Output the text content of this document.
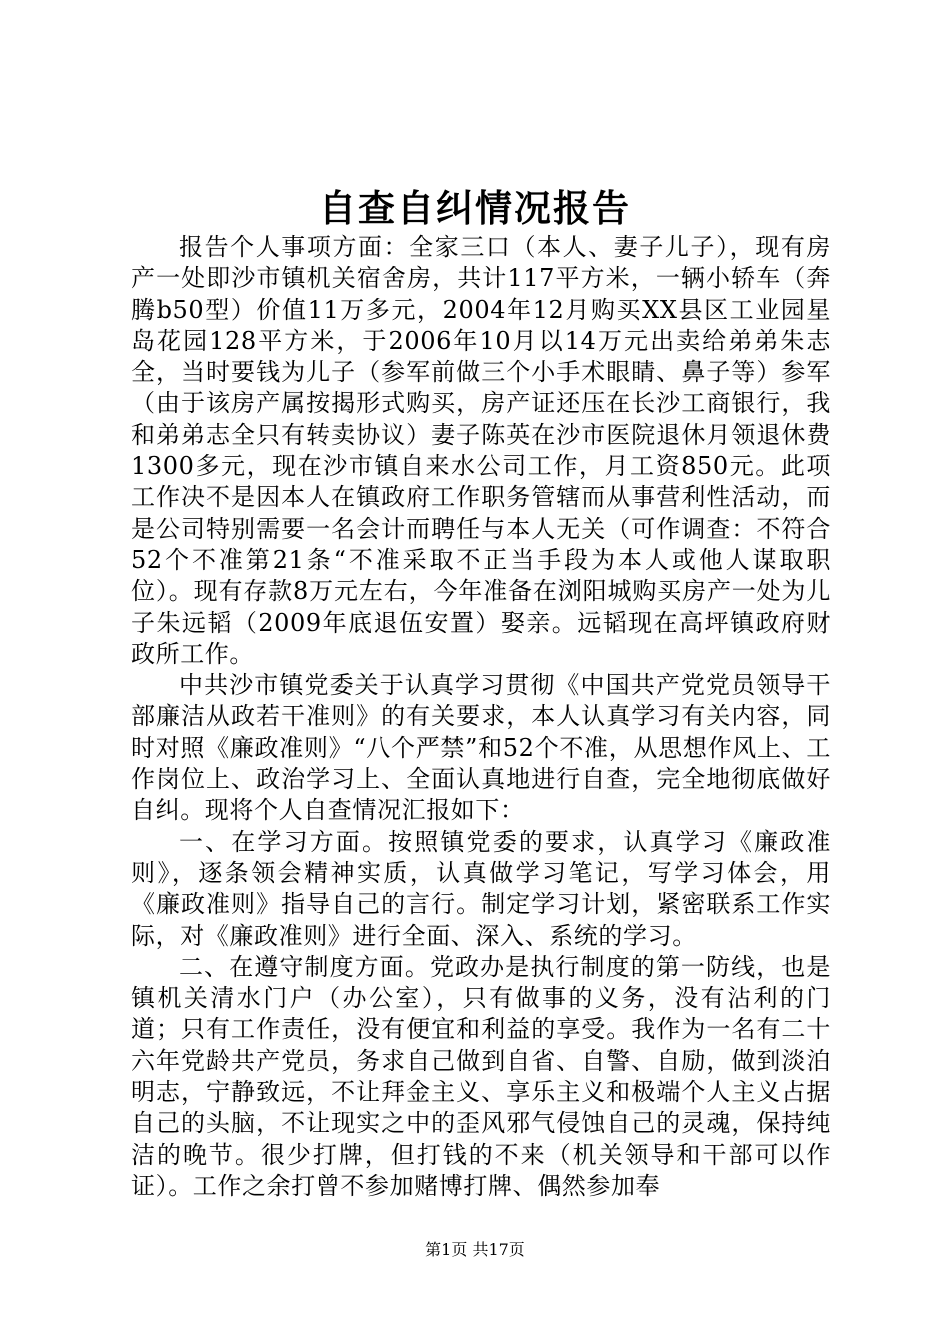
自查自纠情况报告

报告个人事项方面：全家三口（本人、妻子儿子），现有房产一处即沙市镇机关宿舍房，共计117平方米，一辆小轿车（奔腾b50型）价值11万多元，2004年12月购买XX县区工业园星岛花园128平方米，于2006年10月以14万元出卖给弟弟朱志全，当时要钱为儿子（参军前做三个小手术眼睛、鼻子等）参军（由于该房产属按揭形式购买，房产证还压在长沙工商银行，我和弟弟志全只有转卖协议）妻子陈英在沙市医院退休月领退休费1300多元，现在沙市镇自来水公司工作，月工资850元。此项工作决不是因本人在镇政府工作职务管辖而从事营利性活动，而是公司特别需要一名会计而聘任与本人无关（可作调查：不符合52个不准第21条“不准采取不正当手段为本人或他人谋取职位）。现有存款8万元左右，今年准备在浏阳城购买房产一处为儿子朱远韬（2009年底退伍安置）娶亲。远韬现在高坪镇政府财政所工作。

中共沙市镇党委关于认真学习贯彻《中国共产党党员领导干部廉洁从政若干准则》的有关要求，本人认真学习有关内容，同时对照《廉政准则》“八个严禁”和52个不准，从思想作风上、工作岗位上、政治学习上、全面认真地进行自查，完全地彻底做好自纠。现将个人自查情况汇报如下：

一、在学习方面。按照镇党委的要求，认真学习《廉政准则》，逐条领会精神实质，认真做学习笔记，写学习体会，用《廉政准则》指导自己的言行。制定学习计划，紧密联系工作实际，对《廉政准则》进行全面、深入、系统的学习。

二、在遵守制度方面。党政办是执行制度的第一防线，也是镇机关清水门户（办公室），只有做事的义务，没有沾利的门道；只有工作责任，没有便宜和利益的享受。我作为一名有二十六年党龄共产党员，务求自己做到自省、自警、自励，做到淡泊明志，宁静致远，不让拜金主义、享乐主义和极端个人主义占据自己的头脑，不让现实之中的歪风邪气侵蚀自己的灵魂，保持纯洁的晚节。很少打牌，但打钱的不来（机关领导和干部可以作证）。工作之余打曾不参加赌博打牌、偶然参加奉

第1页 共17页
